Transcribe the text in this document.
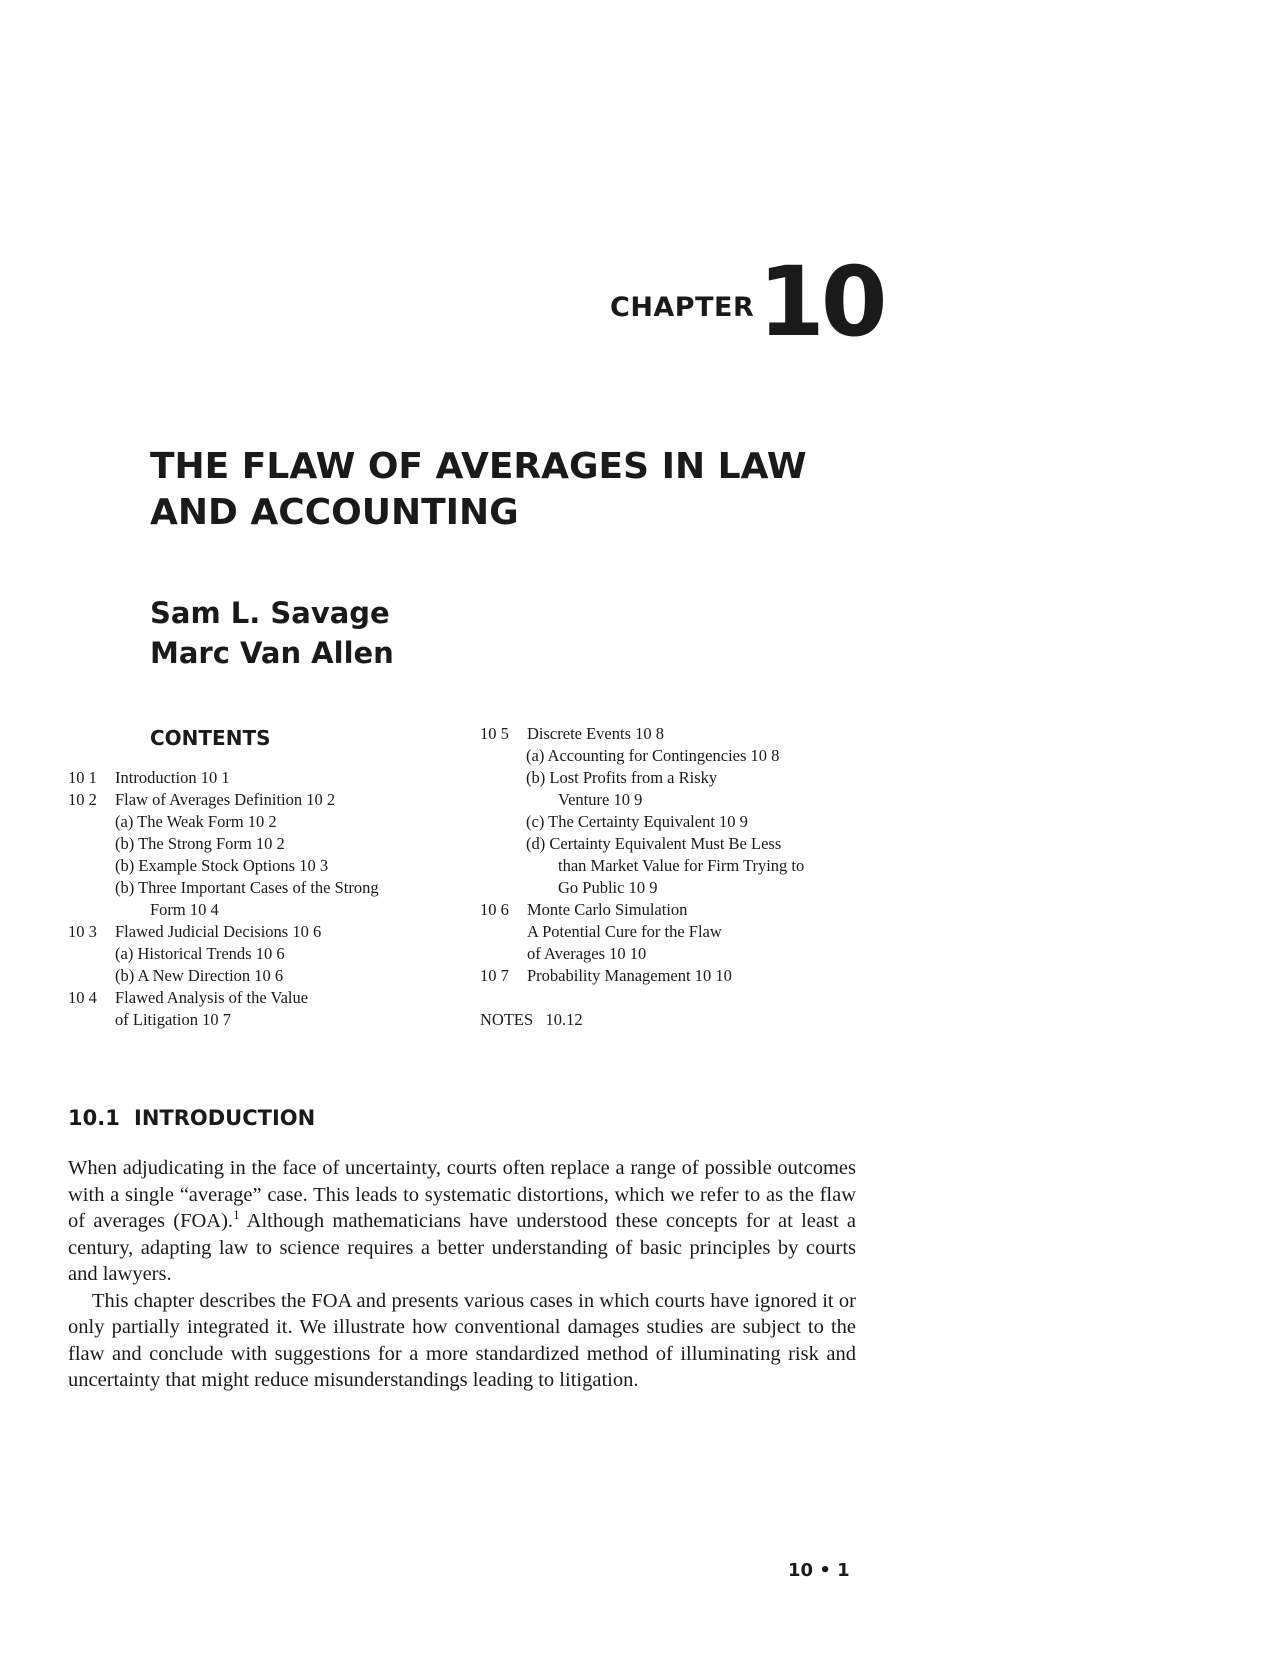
CHAPTER 10
THE FLAW OF AVERAGES IN LAW
AND ACCOUNTING
Sam L. Savage
Marc Van Allen
CONTENTS
10 1 Introduction 10 1
10 2 Flaw of Averages Definition 10 2
(a) The Weak Form 10 2
(b) The Strong Form 10 2
(b) Example Stock Options 10 3
(b) Three Important Cases of the Strong
Form 10 4
10 3 Flawed Judicial Decisions 10 6
(a) Historical Trends 10 6
(b) A New Direction 10 6
10 4 Flawed Analysis of the Value
of Litigation 10 7
10 5 Discrete Events 10 8
(a) Accounting for Contingencies 10 8
(b) Lost Profits from a Risky
Venture 10 9
(c) The Certainty Equivalent 10 9
(d) Certainty Equivalent Must Be Less
than Market Value for Firm Trying to
Go Public 10 9
10 6 Monte Carlo Simulation
A Potential Cure for the Flaw
of Averages 10 10
10 7 Probability Management 10 10
NOTES   10.12
10.1 INTRODUCTION

When adjudicating in the face of uncertainty, courts often replace a range of possible outcomes with a single “average” case. This leads to systematic distortions, which we refer to as the flaw of averages (FOA).$^1$ Although mathematicians have understood these concepts for at least a century, adapting law to science requires a better understanding of basic principles by courts and lawyers.

This chapter describes the FOA and presents various cases in which courts have ignored it or only partially integrated it. We illustrate how conventional damages studies are subject to the flaw and conclude with suggestions for a more standardized method of illuminating risk and uncertainty that might reduce misunderstandings leading to litigation.

10 • 1
